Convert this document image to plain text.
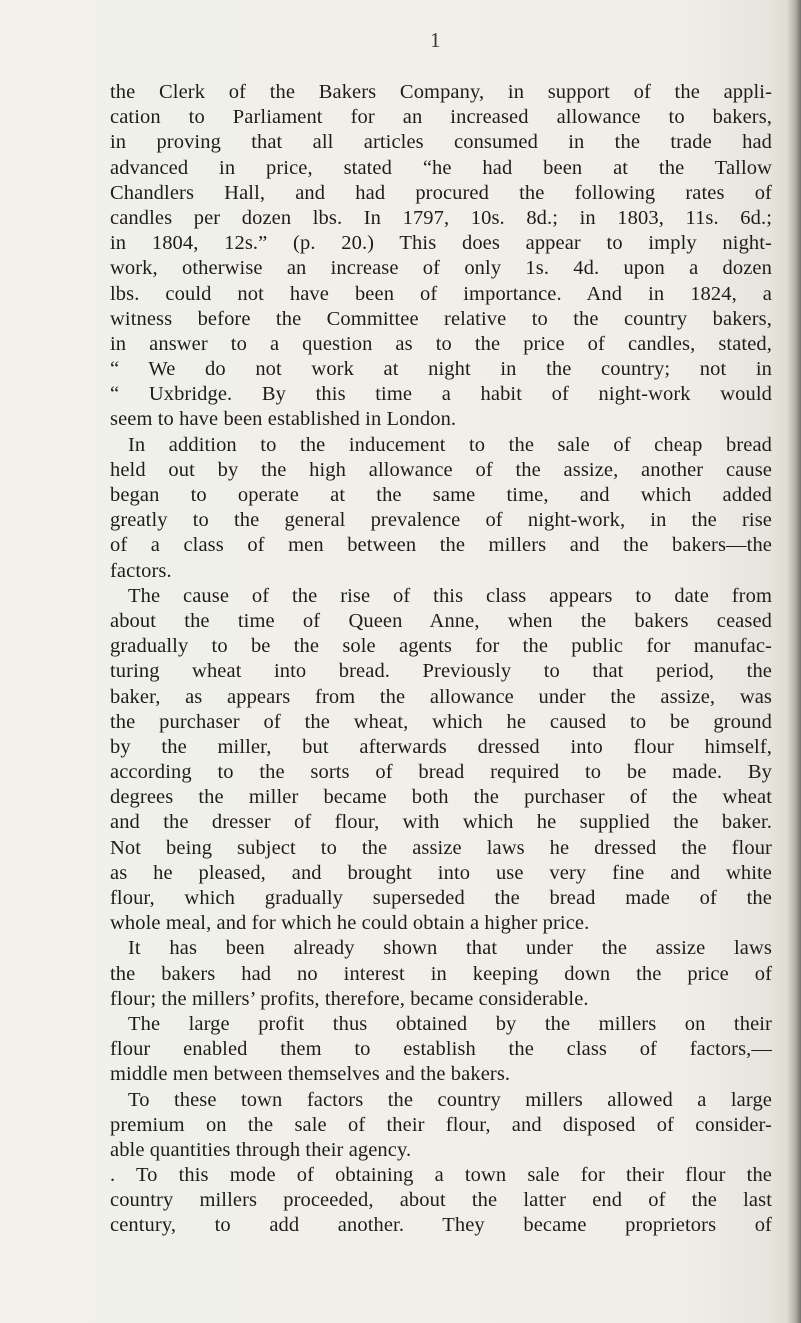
1
the Clerk of the Bakers Company, in support of the appli-
cation to Parliament for an increased allowance to bakers,
in proving that all articles consumed in the trade had
advanced in price, stated “he had been at the Tallow
Chandlers Hall, and had procured the following rates of
candles per dozen lbs. In 1797, 10s. 8d.; in 1803, 11s. 6d.;
in 1804, 12s.” (p. 20.) This does appear to imply night-
work, otherwise an increase of only 1s. 4d. upon a dozen
lbs. could not have been of importance. And in 1824, a
witness before the Committee relative to the country bakers,
in answer to a question as to the price of candles, stated,
“ We do not work at night in the country; not in
“ Uxbridge. By this time a habit of night-work would
seem to have been established in London.
In addition to the inducement to the sale of cheap bread
held out by the high allowance of the assize, another cause
began to operate at the same time, and which added
greatly to the general prevalence of night-work, in the rise
of a class of men between the millers and the bakers—the
factors.
The cause of the rise of this class appears to date from
about the time of Queen Anne, when the bakers ceased
gradually to be the sole agents for the public for manufac-
turing wheat into bread. Previously to that period, the
baker, as appears from the allowance under the assize, was
the purchaser of the wheat, which he caused to be ground
by the miller, but afterwards dressed into flour himself,
according to the sorts of bread required to be made. By
degrees the miller became both the purchaser of the wheat
and the dresser of flour, with which he supplied the baker.
Not being subject to the assize laws he dressed the flour
as he pleased, and brought into use very fine and white
flour, which gradually superseded the bread made of the
whole meal, and for which he could obtain a higher price.
It has been already shown that under the assize laws
the bakers had no interest in keeping down the price of
flour; the millers’ profits, therefore, became considerable.
The large profit thus obtained by the millers on their
flour enabled them to establish the class of factors,—
middle men between themselves and the bakers.
To these town factors the country millers allowed a large
premium on the sale of their flour, and disposed of consider-
able quantities through their agency.
. To this mode of obtaining a town sale for their flour the
country millers proceeded, about the latter end of the last
century, to add another. They became proprietors of
